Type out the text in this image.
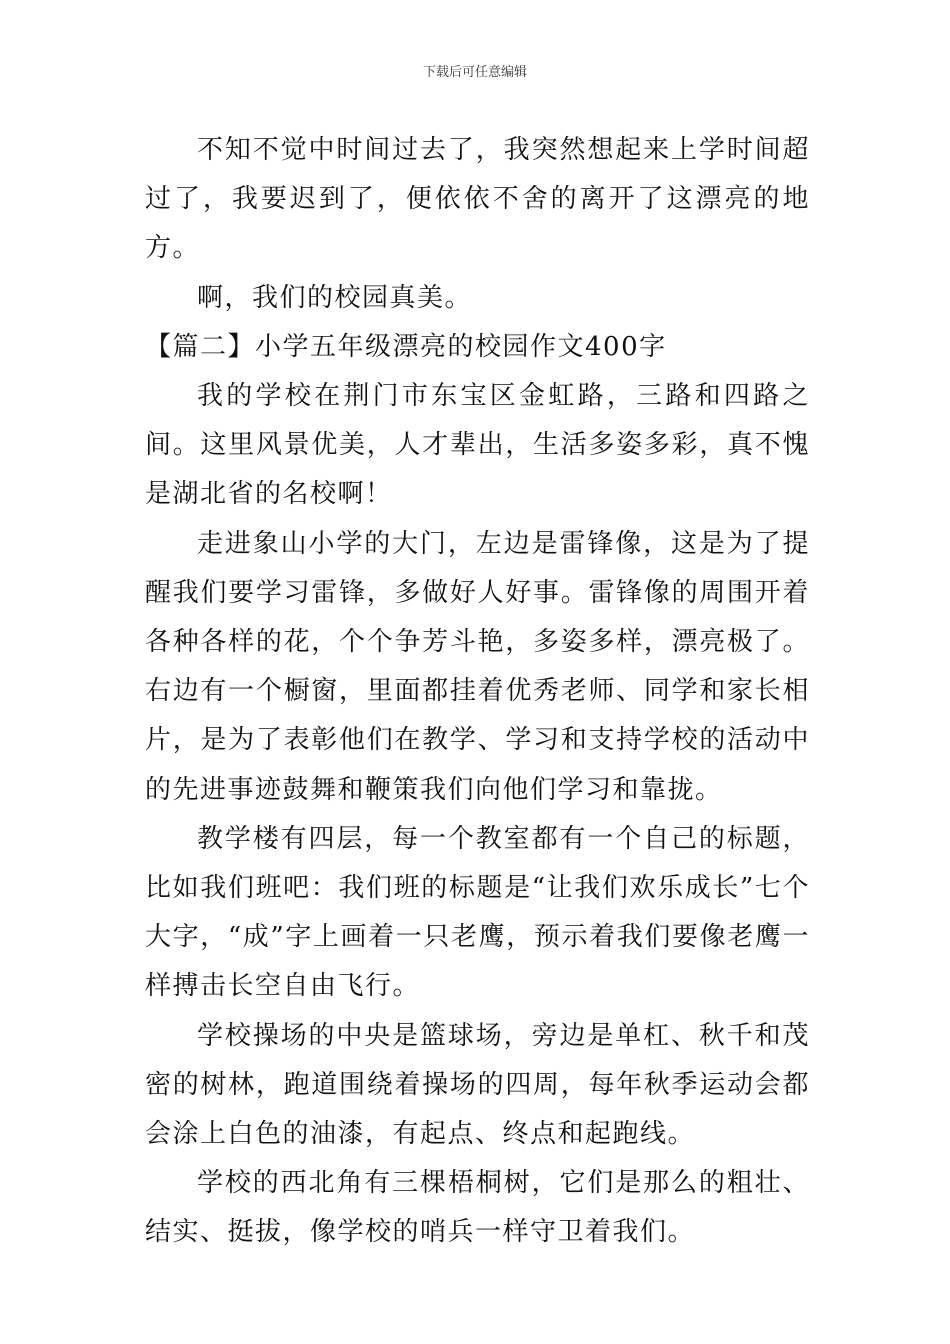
下载后可任意编辑

不知不觉中时间过去了，我突然想起来上学时间超过了，我要迟到了，便依依不舍的离开了这漂亮的地方。

啊，我们的校园真美。

【篇二】小学五年级漂亮的校园作文400字

我的学校在荆门市东宝区金虹路，三路和四路之间。这里风景优美，人才辈出，生活多姿多彩，真不愧是湖北省的名校啊！

走进象山小学的大门，左边是雷锋像，这是为了提醒我们要学习雷锋，多做好人好事。雷锋像的周围开着各种各样的花，个个争芳斗艳，多姿多样，漂亮极了。右边有一个橱窗，里面都挂着优秀老师、同学和家长相片，是为了表彰他们在教学、学习和支持学校的活动中的先进事迹鼓舞和鞭策我们向他们学习和靠拢。

教学楼有四层，每一个教室都有一个自己的标题，比如我们班吧：我们班的标题是“让我们欢乐成长”七个大字，“成”字上画着一只老鹰，预示着我们要像老鹰一样搏击长空自由飞行。

学校操场的中央是篮球场，旁边是单杠、秋千和茂密的树林，跑道围绕着操场的四周，每年秋季运动会都会涂上白色的油漆，有起点、终点和起跑线。

学校的西北角有三棵梧桐树，它们是那么的粗壮、结实、挺拔，像学校的哨兵一样守卫着我们。
